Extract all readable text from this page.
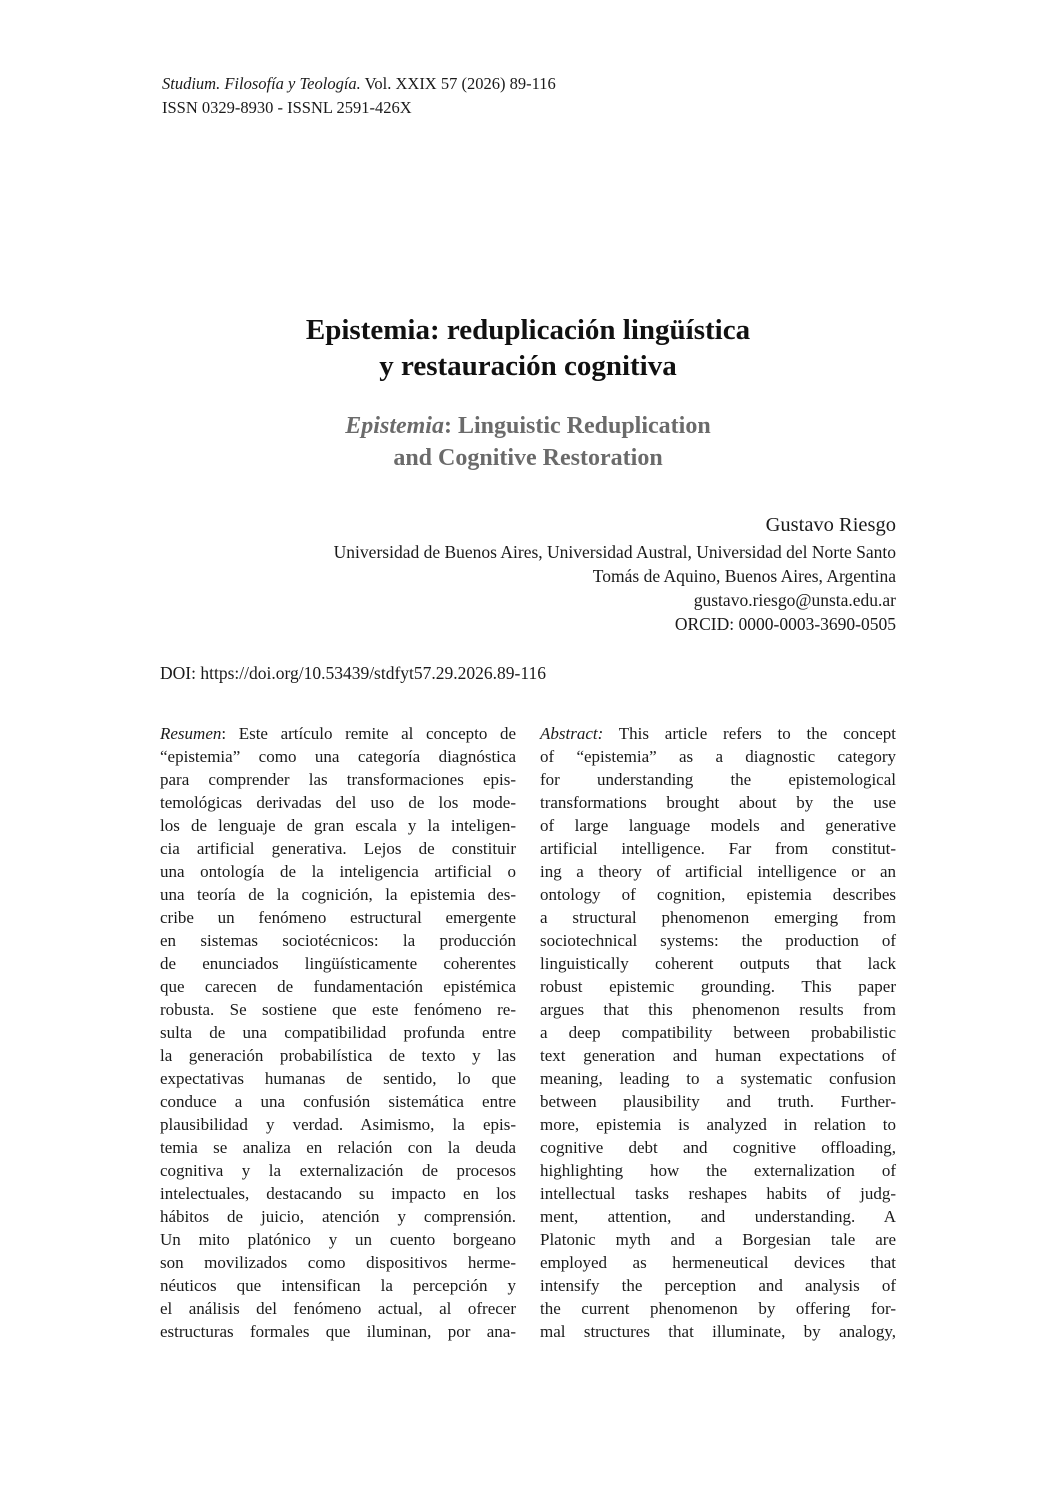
Studium. Filosofía y Teología. Vol. XXIX 57 (2026) 89-116
ISSN 0329-8930 - ISSNL 2591-426X
Epistemia: reduplicación lingüística
y restauración cognitiva
Epistemia: Linguistic Reduplication
and Cognitive Restoration
Gustavo Riesgo
Universidad de Buenos Aires, Universidad Austral, Universidad del Norte Santo
Tomás de Aquino, Buenos Aires, Argentina
gustavo.riesgo@unsta.edu.ar
ORCID: 0000-0003-3690-0505
DOI: https://doi.org/10.53439/stdfyt57.29.2026.89-116
Resumen: Este artículo remite al concepto de
“epistemia” como una categoría diagnóstica
para comprender las transformaciones epis-
temológicas derivadas del uso de los mode-
los de lenguaje de gran escala y la inteligen-
cia artificial generativa. Lejos de constituir
una ontología de la inteligencia artificial o
una teoría de la cognición, la epistemia des-
cribe un fenómeno estructural emergente
en sistemas sociotécnicos: la producción
de enunciados lingüísticamente coherentes
que carecen de fundamentación epistémica
robusta. Se sostiene que este fenómeno re-
sulta de una compatibilidad profunda entre
la generación probabilística de texto y las
expectativas humanas de sentido, lo que
conduce a una confusión sistemática entre
plausibilidad y verdad. Asimismo, la epis-
temia se analiza en relación con la deuda
cognitiva y la externalización de procesos
intelectuales, destacando su impacto en los
hábitos de juicio, atención y comprensión.
Un mito platónico y un cuento borgeano
son movilizados como dispositivos herme-
néuticos que intensifican la percepción y
el análisis del fenómeno actual, al ofrecer
estructuras formales que iluminan, por ana-
Abstract: This article refers to the concept
of “epistemia” as a diagnostic category
for understanding the epistemological
transformations brought about by the use
of large language models and generative
artificial intelligence. Far from constitut-
ing a theory of artificial intelligence or an
ontology of cognition, epistemia describes
a structural phenomenon emerging from
sociotechnical systems: the production of
linguistically coherent outputs that lack
robust epistemic grounding. This paper
argues that this phenomenon results from
a deep compatibility between probabilistic
text generation and human expectations of
meaning, leading to a systematic confusion
between plausibility and truth. Further-
more, epistemia is analyzed in relation to
cognitive debt and cognitive offloading,
highlighting how the externalization of
intellectual tasks reshapes habits of judg-
ment, attention, and understanding. A
Platonic myth and a Borgesian tale are
employed as hermeneutical devices that
intensify the perception and analysis of
the current phenomenon by offering for-
mal structures that illuminate, by analogy,
